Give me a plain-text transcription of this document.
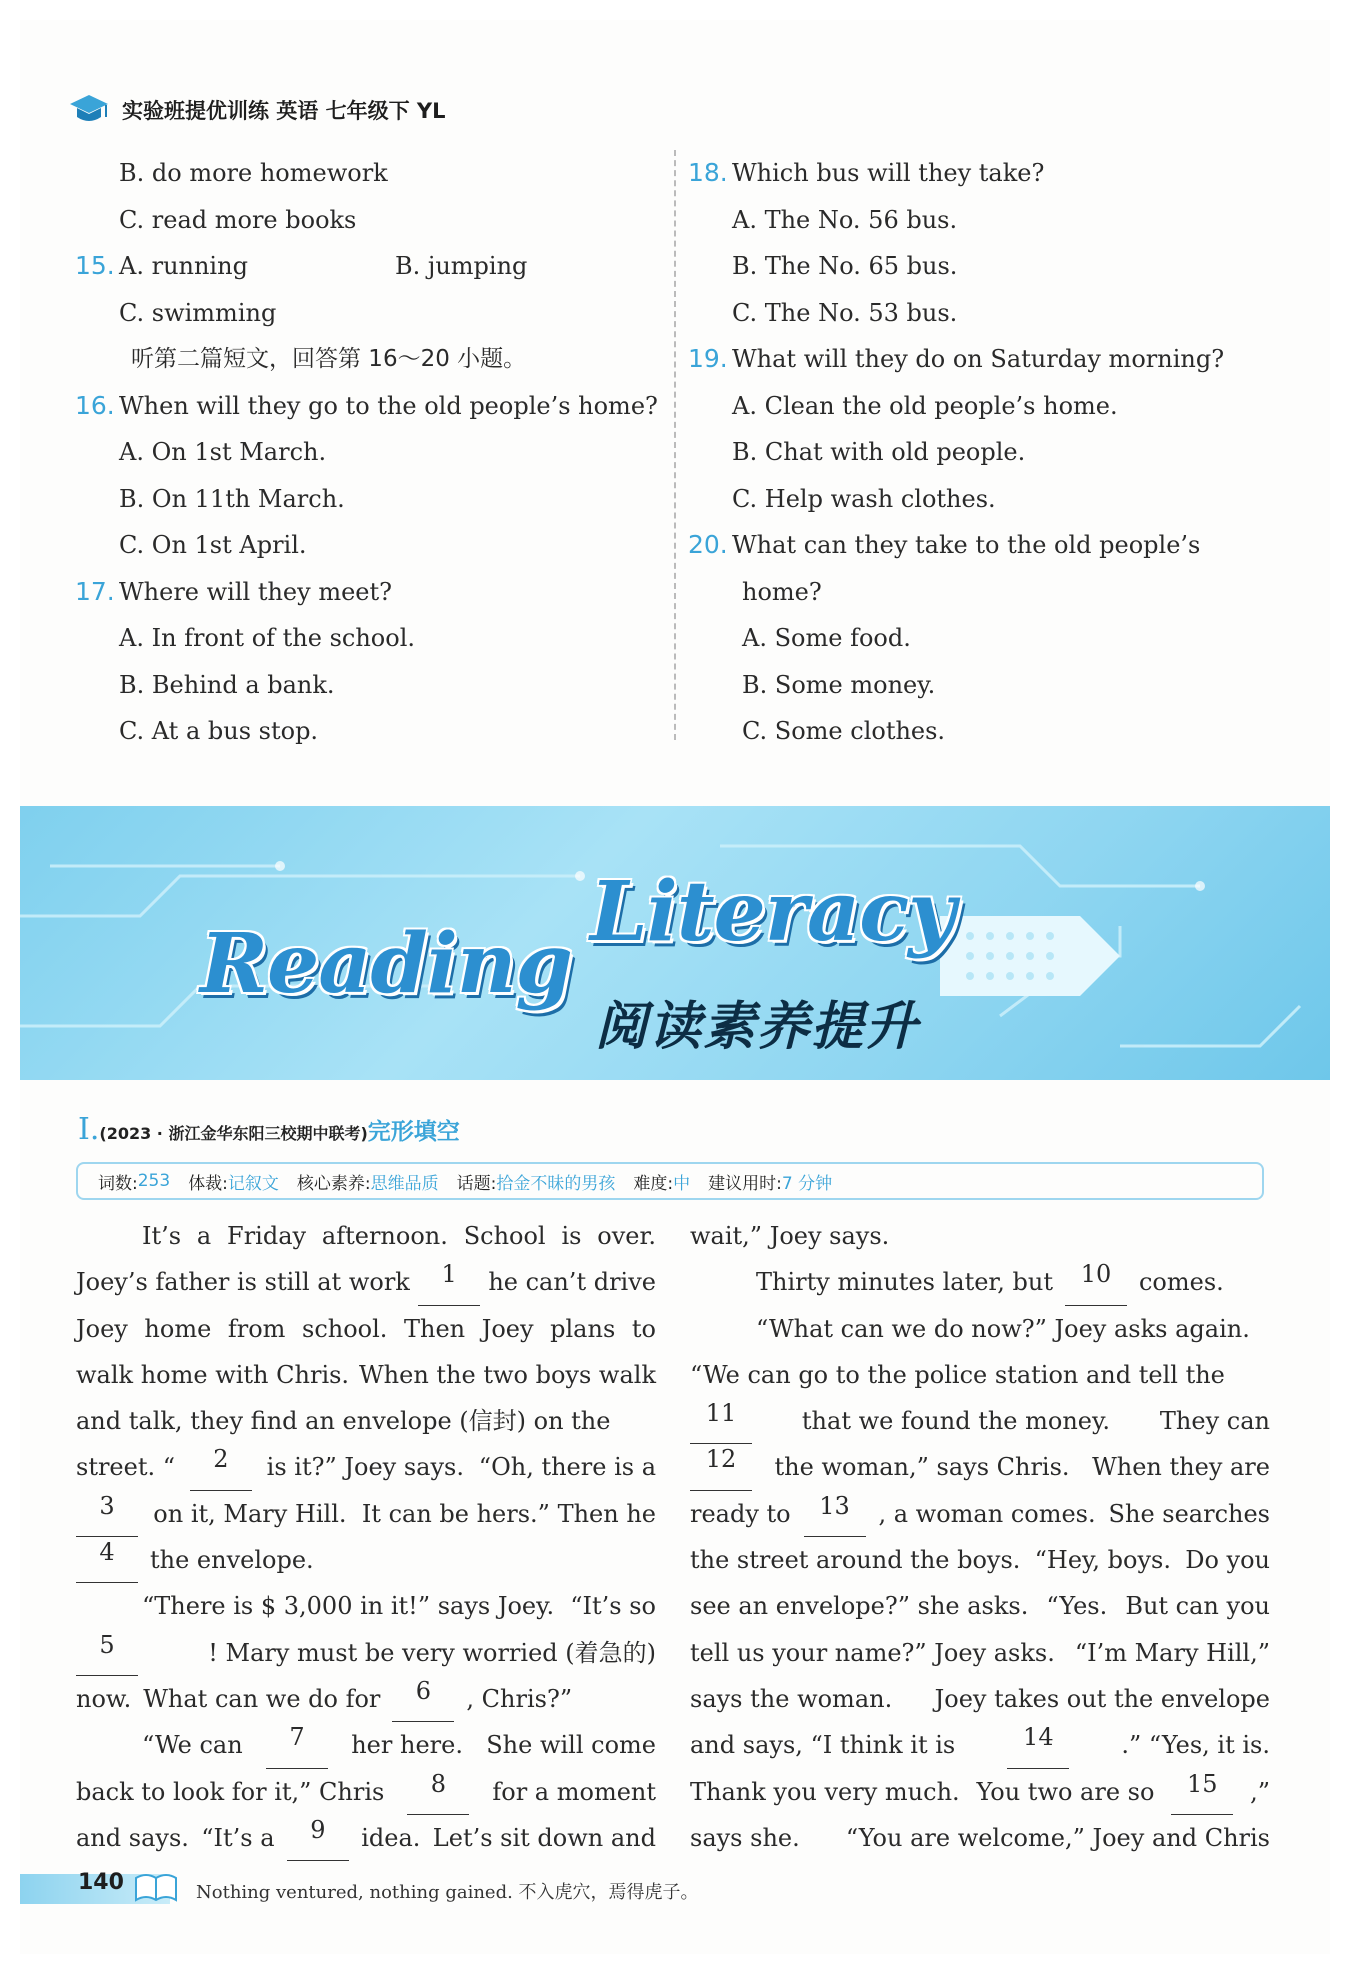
实验班提优训练 英语 七年级下 YL
B. do more homework
C. read more books
15. A. running	B. jumping
C. swimming
听第二篇短文，回答第 16～20 小题。
16. When will they go to the old people’s home?
A. On 1st March.
B. On 11th March.
C. On 1st April.
17. Where will they meet?
A. In front of the school.
B. Behind a bank.
C. At a bus stop.
18. Which bus will they take?
A. The No. 56 bus.
B. The No. 65 bus.
C. The No. 53 bus.
19. What will they do on Saturday morning?
A. Clean the old people’s home.
B. Chat with old people.
C. Help wash clothes.
20. What can they take to the old people’s
home?
A. Some food.
B. Some money.
C. Some clothes.
Reading
Literacy
阅读素养提升
Ⅰ. (2023 · 浙江金华东阳三校期中联考) 完形填空
词数: 253 体裁: 记叙文 核心素养: 思维品质 话题: 拾金不昧的男孩 难度: 中 建议用时: 7 分钟
It’s a Friday afternoon. School is over.
Joey’s father is still at work	1	he can’t drive
Joey home from school. Then Joey plans to
walk home with Chris. When the two boys walk
and talk, they find an envelope (信封) on the
street. “	2	is it?” Joey says. “Oh, there is a
3	on it, Mary Hill. It can be hers.” Then he
4	the envelope.
“There is $ 3,000 in it!” says Joey. “It’s so
5	! Mary must be very worried (着急的)
now. What can we do for	6	, Chris?”
“We can	7	her here. She will come
back to look for it,” Chris	8	for a moment
and says. “It’s a	9	idea. Let’s sit down and
wait,” Joey says.
Thirty minutes later, but	10	comes.
“What can we do now?” Joey asks again.
“We can go to the police station and tell the
11	that we found the money. They can
12	the woman,” says Chris. When they are
ready to	13	, a woman comes. She searches
the street around the boys. “Hey, boys. Do you
see an envelope?” she asks. “Yes. But can you
tell us your name?” Joey asks. “I’m Mary Hill,”
says the woman. Joey takes out the envelope
and says, “I think it is	14	.” “Yes, it is.
Thank you very much. You two are so	15	,”
says she. “You are welcome,” Joey and Chris
140	Nothing ventured, nothing gained. 不入虎穴，焉得虎子。
